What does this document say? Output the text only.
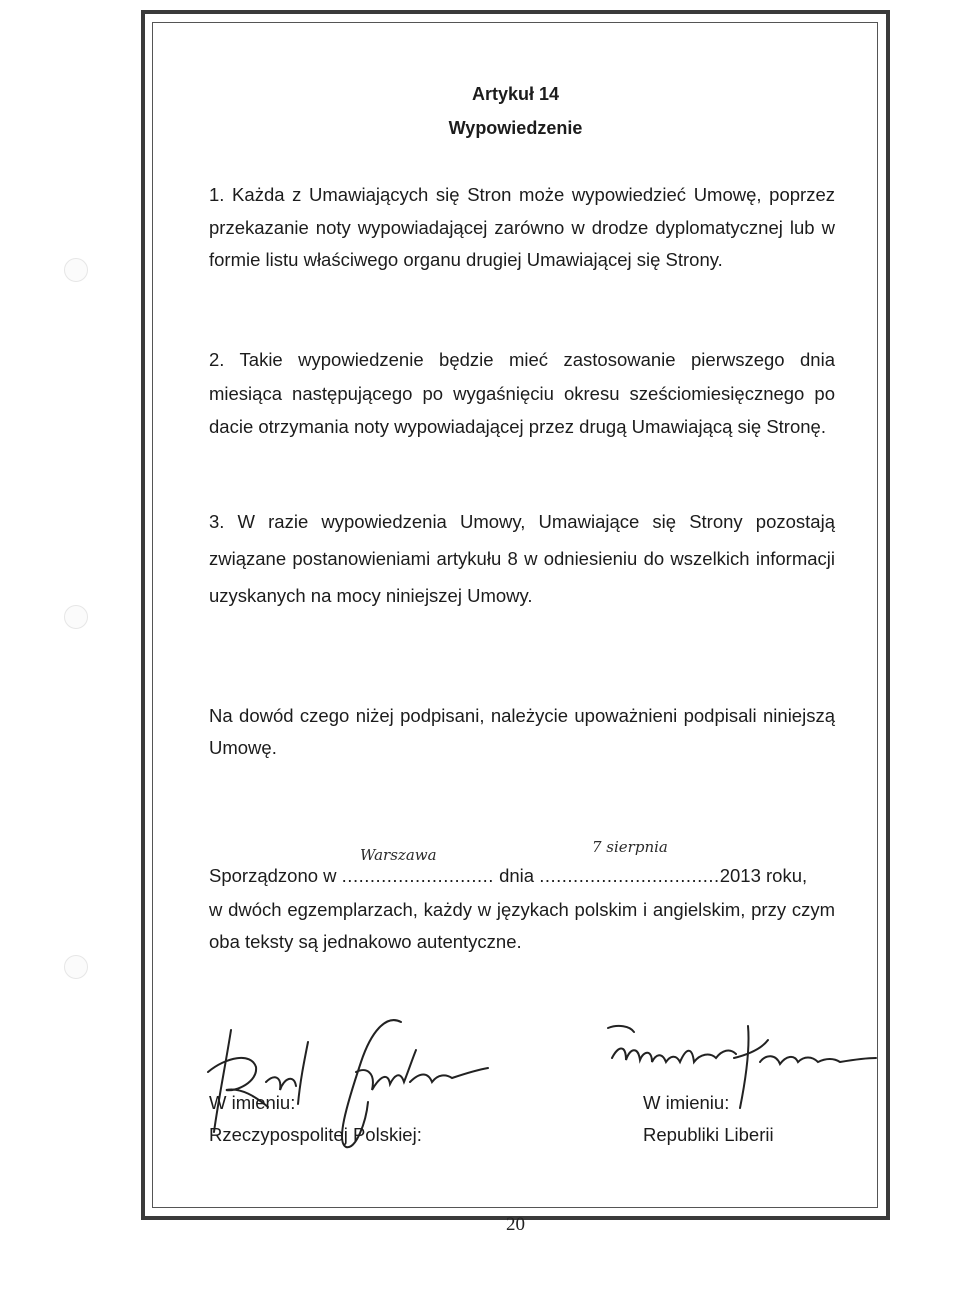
Artykuł 14
Wypowiedzenie

1. Każda z Umawiających się Stron może wypowiedzieć Umowę, poprzez przekazanie noty wypowiadającej zarówno w drodze dyplomatycznej lub w formie listu właściwego organu drugiej Umawiającej się Strony.

2. Takie wypowiedzenie będzie mieć zastosowanie pierwszego dnia miesiąca następującego po wygaśnięciu okresu sześciomiesięcznego po dacie otrzymania noty wypowiadającej przez drugą Umawiającą się Stronę.

3. W razie wypowiedzenia Umowy, Umawiające się Strony pozostają związane postanowieniami artykułu 8 w odniesieniu do wszelkich informacji uzyskanych na mocy niniejszej Umowy.

Na dowód czego niżej podpisani, należycie upoważnieni podpisali niniejszą Umowę.

Warszawa	7 sierpnia
Sporządzono w ........................... dnia ................................2013 roku,

w dwóch egzemplarzach, każdy w językach polskim i angielskim, przy czym oba teksty są jednakowo autentyczne.

W imieniu:
Rzeczypospolitej Polskiej:
W imieniu:
Republiki Liberii
20
